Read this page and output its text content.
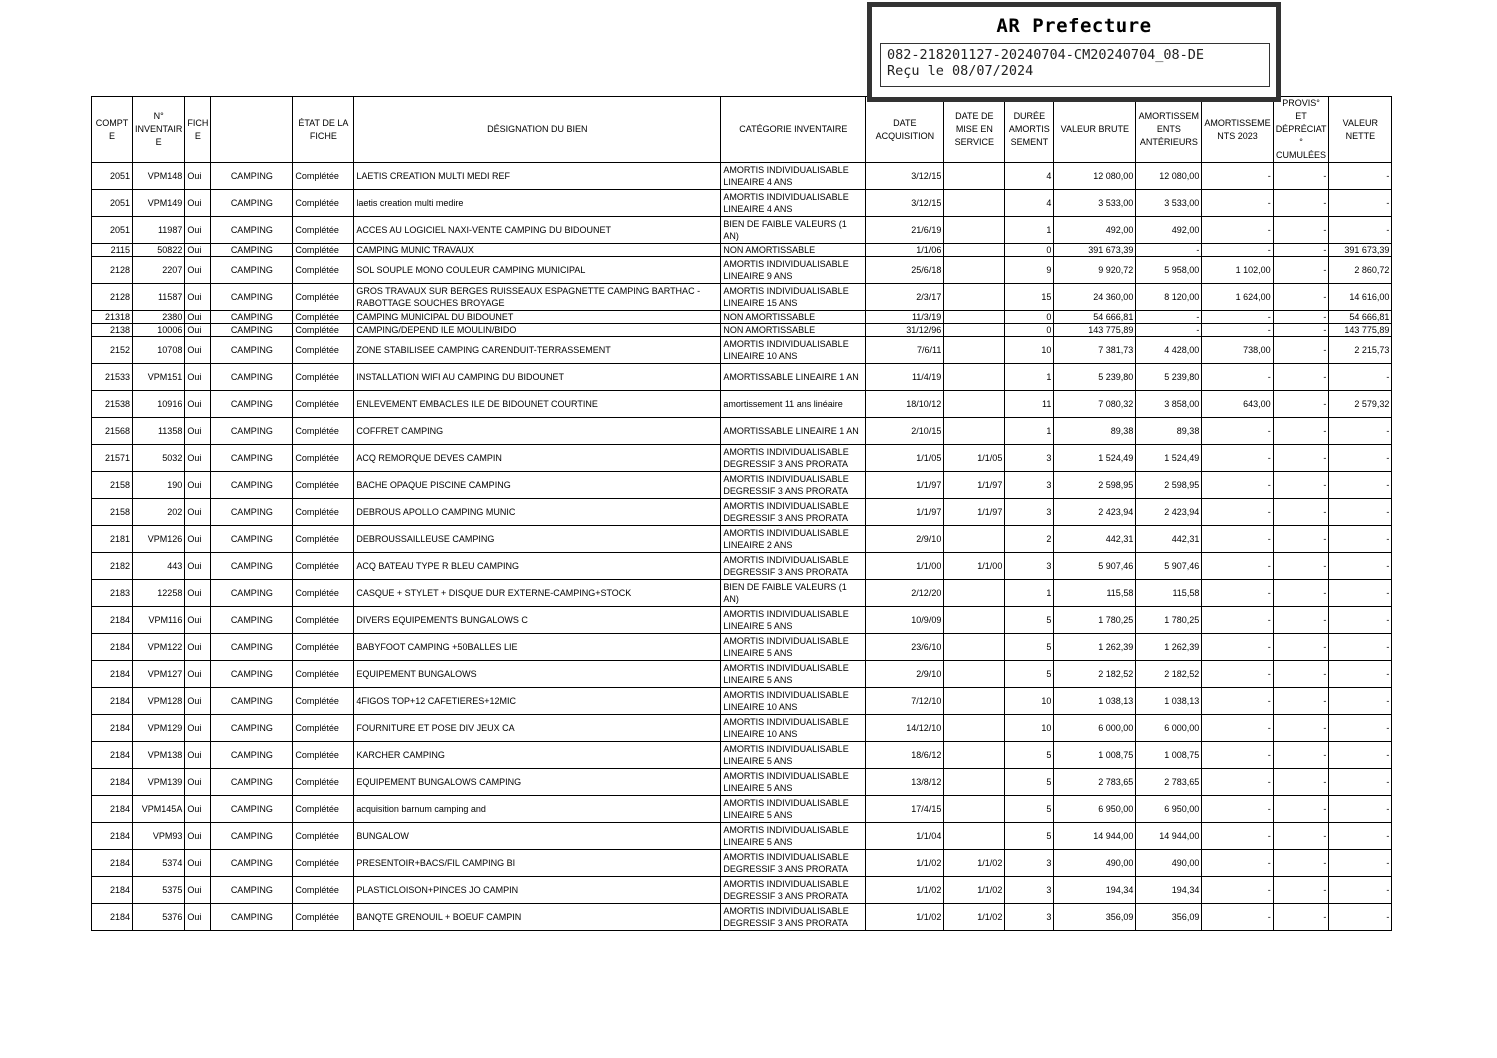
AR Prefecture
082-218201127-20240704-CM20240704_08-DE
Reçu le 08/07/2024
COMPT E	N° INVENTAIR E	FICH E		ÉTAT DE LA FICHE	DÉSIGNATION DU BIEN	CATÉGORIE INVENTAIRE	DATE ACQUISITION	DATE DE MISE EN SERVICE	DURÉE AMORTIS SEMENT	VALEUR BRUTE	AMORTISSEM ENTS ANTÉRIEURS	AMORTISSEME NTS 2023	PROVIS° ET DÉPRÉCIAT ° CUMULÉES	VALEUR NETTE
2051	VPM148	Oui	CAMPING	Complétée	LAETIS CREATION MULTI MEDI REF	AMORTIS INDIVIDUALISABLE LINEAIRE 4 ANS	3/12/15		4	12 080,00	12 080,00	-	-	-
2051	VPM149	Oui	CAMPING	Complétée	laetis creation multi medire	AMORTIS INDIVIDUALISABLE LINEAIRE 4 ANS	3/12/15		4	3 533,00	3 533,00	-	-	-
2051	11987	Oui	CAMPING	Complétée	ACCES AU LOGICIEL NAXI-VENTE CAMPING DU BIDOUNET	BIEN DE FAIBLE VALEURS (1 AN)	21/6/19		1	492,00	492,00	-	-	-
2115	50822	Oui	CAMPING	Complétée	CAMPING MUNIC TRAVAUX	NON AMORTISSABLE	1/1/06		0	391 673,39	-	-	-	391 673,39
2128	2207	Oui	CAMPING	Complétée	SOL SOUPLE MONO COULEUR CAMPING MUNICIPAL	AMORTIS INDIVIDUALISABLE LINEAIRE 9 ANS	25/6/18		9	9 920,72	5 958,00	1 102,00	-	2 860,72
2128	11587	Oui	CAMPING	Complétée	GROS TRAVAUX SUR BERGES RUISSEAUX ESPAGNETTE CAMPING BARTHAC - RABOTTAGE SOUCHES BROYAGE	AMORTIS INDIVIDUALISABLE LINEAIRE 15 ANS	2/3/17		15	24 360,00	8 120,00	1 624,00	-	14 616,00
21318	2380	Oui	CAMPING	Complétée	CAMPING MUNICIPAL DU BIDOUNET	NON AMORTISSABLE	11/3/19		0	54 666,81	-	-	-	54 666,81
2138	10006	Oui	CAMPING	Complétée	CAMPING/DEPEND ILE MOULIN/BIDO	NON AMORTISSABLE	31/12/96		0	143 775,89	-	-	-	143 775,89
2152	10708	Oui	CAMPING	Complétée	ZONE STABILISEE CAMPING CARENDUIT-TERRASSEMENT	AMORTIS INDIVIDUALISABLE LINEAIRE 10 ANS	7/6/11		10	7 381,73	4 428,00	738,00	-	2 215,73
21533	VPM151	Oui	CAMPING	Complétée	INSTALLATION WIFI AU CAMPING DU BIDOUNET	AMORTISSABLE LINEAIRE 1 AN	11/4/19		1	5 239,80	5 239,80	-	-	-
21538	10916	Oui	CAMPING	Complétée	ENLEVEMENT EMBACLES ILE DE BIDOUNET COURTINE	amortissement 11 ans linéaire	18/10/12		11	7 080,32	3 858,00	643,00	-	2 579,32
21568	11358	Oui	CAMPING	Complétée	COFFRET CAMPING	AMORTISSABLE LINEAIRE 1 AN	2/10/15		1	89,38	89,38	-	-	-
21571	5032	Oui	CAMPING	Complétée	ACQ REMORQUE DEVES CAMPIN	AMORTIS INDIVIDUALISABLE DEGRESSIF 3 ANS PRORATA	1/1/05	1/1/05	3	1 524,49	1 524,49	-	-	-
2158	190	Oui	CAMPING	Complétée	BACHE OPAQUE PISCINE CAMPING	AMORTIS INDIVIDUALISABLE DEGRESSIF 3 ANS PRORATA	1/1/97	1/1/97	3	2 598,95	2 598,95	-	-	-
2158	202	Oui	CAMPING	Complétée	DEBROUS APOLLO CAMPING MUNIC	AMORTIS INDIVIDUALISABLE DEGRESSIF 3 ANS PRORATA	1/1/97	1/1/97	3	2 423,94	2 423,94	-	-	-
2181	VPM126	Oui	CAMPING	Complétée	DEBROUSSAILLEUSE CAMPING	AMORTIS INDIVIDUALISABLE LINEAIRE 2 ANS	2/9/10		2	442,31	442,31	-	-	-
2182	443	Oui	CAMPING	Complétée	ACQ BATEAU TYPE R BLEU CAMPING	AMORTIS INDIVIDUALISABLE DEGRESSIF 3 ANS PRORATA	1/1/00	1/1/00	3	5 907,46	5 907,46	-	-	-
2183	12258	Oui	CAMPING	Complétée	CASQUE + STYLET + DISQUE DUR EXTERNE-CAMPING+STOCK	BIEN DE FAIBLE VALEURS (1 AN)	2/12/20		1	115,58	115,58	-	-	-
2184	VPM116	Oui	CAMPING	Complétée	DIVERS EQUIPEMENTS BUNGALOWS C	AMORTIS INDIVIDUALISABLE LINEAIRE 5 ANS	10/9/09		5	1 780,25	1 780,25	-	-	-
2184	VPM122	Oui	CAMPING	Complétée	BABYFOOT CAMPING +50BALLES LIE	AMORTIS INDIVIDUALISABLE LINEAIRE 5 ANS	23/6/10		5	1 262,39	1 262,39	-	-	-
2184	VPM127	Oui	CAMPING	Complétée	EQUIPEMENT BUNGALOWS	AMORTIS INDIVIDUALISABLE LINEAIRE 5 ANS	2/9/10		5	2 182,52	2 182,52	-	-	-
2184	VPM128	Oui	CAMPING	Complétée	4FIGOS TOP+12 CAFETIERES+12MIC	AMORTIS INDIVIDUALISABLE LINEAIRE 10 ANS	7/12/10		10	1 038,13	1 038,13	-	-	-
2184	VPM129	Oui	CAMPING	Complétée	FOURNITURE ET POSE DIV JEUX CA	AMORTIS INDIVIDUALISABLE LINEAIRE 10 ANS	14/12/10		10	6 000,00	6 000,00	-	-	-
2184	VPM138	Oui	CAMPING	Complétée	KARCHER CAMPING	AMORTIS INDIVIDUALISABLE LINEAIRE 5 ANS	18/6/12		5	1 008,75	1 008,75	-	-	-
2184	VPM139	Oui	CAMPING	Complétée	EQUIPEMENT BUNGALOWS CAMPING	AMORTIS INDIVIDUALISABLE LINEAIRE 5 ANS	13/8/12		5	2 783,65	2 783,65	-	-	-
2184	VPM145A	Oui	CAMPING	Complétée	acquisition barnum camping and	AMORTIS INDIVIDUALISABLE LINEAIRE 5 ANS	17/4/15		5	6 950,00	6 950,00	-	-	-
2184	VPM93	Oui	CAMPING	Complétée	BUNGALOW	AMORTIS INDIVIDUALISABLE LINEAIRE 5 ANS	1/1/04		5	14 944,00	14 944,00	-	-	-
2184	5374	Oui	CAMPING	Complétée	PRESENTOIR+BACS/FIL CAMPING BI	AMORTIS INDIVIDUALISABLE DEGRESSIF 3 ANS PRORATA	1/1/02	1/1/02	3	490,00	490,00	-	-	-
2184	5375	Oui	CAMPING	Complétée	PLASTICLOISON+PINCES JO CAMPIN	AMORTIS INDIVIDUALISABLE DEGRESSIF 3 ANS PRORATA	1/1/02	1/1/02	3	194,34	194,34	-	-	-
2184	5376	Oui	CAMPING	Complétée	BANQTE GRENOUIL + BOEUF CAMPIN	AMORTIS INDIVIDUALISABLE DEGRESSIF 3 ANS PRORATA	1/1/02	1/1/02	3	356,09	356,09	-	-	-
